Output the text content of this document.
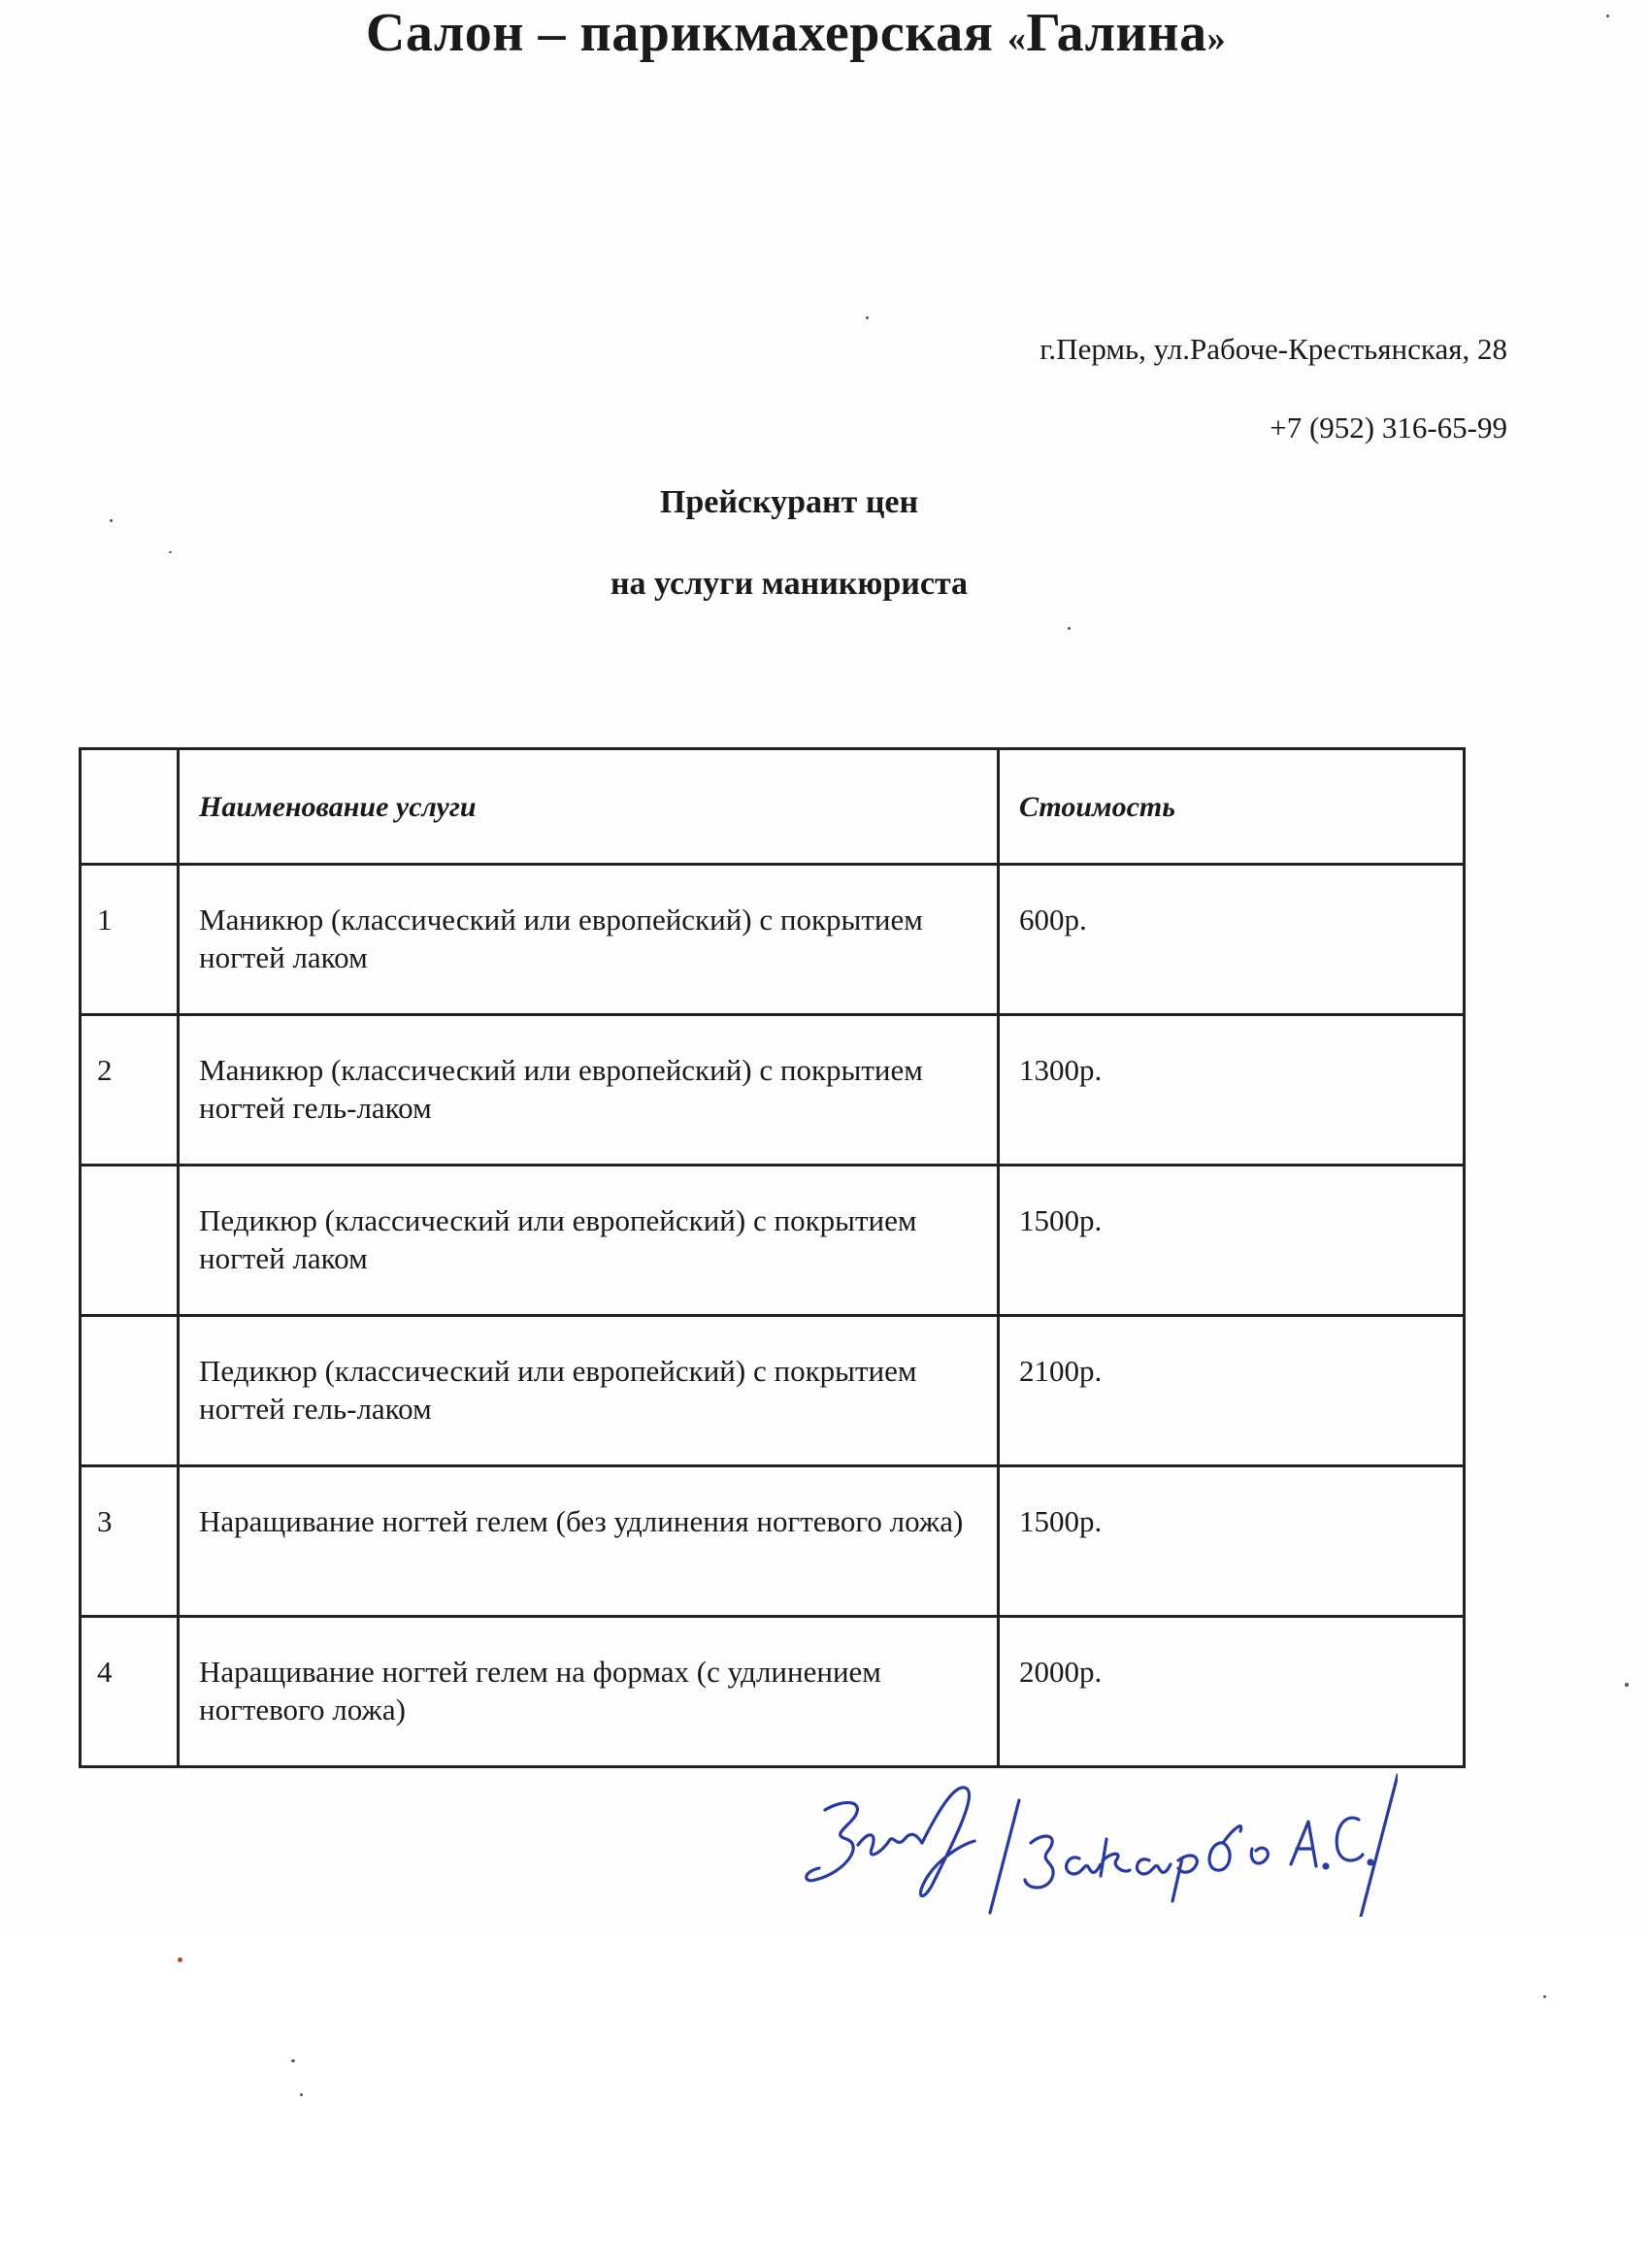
Салон – парикмахерская «Галина»
г.Пермь, ул.Рабоче-Крестьянская, 28
+7 (952) 316-65-99
Прейскурант цен
на услуги маникюриста
	Наименование услуги	Стоимость
1	Маникюр (классический или европейский) с покрытием ногтей лаком	600р.
2	Маникюр (классический или европейский) с покрытием ногтей гель-лаком	1300р.
	Педикюр (классический или европейский) с покрытием ногтей лаком	1500р.
	Педикюр (классический или европейский) с покрытием ногтей гель-лаком	2100р.
3	Наращивание ногтей гелем (без удлинения ногтевого ложа)	1500р.
4	Наращивание ногтей гелем на формах (с удлинением ногтевого ложа)	2000р.
